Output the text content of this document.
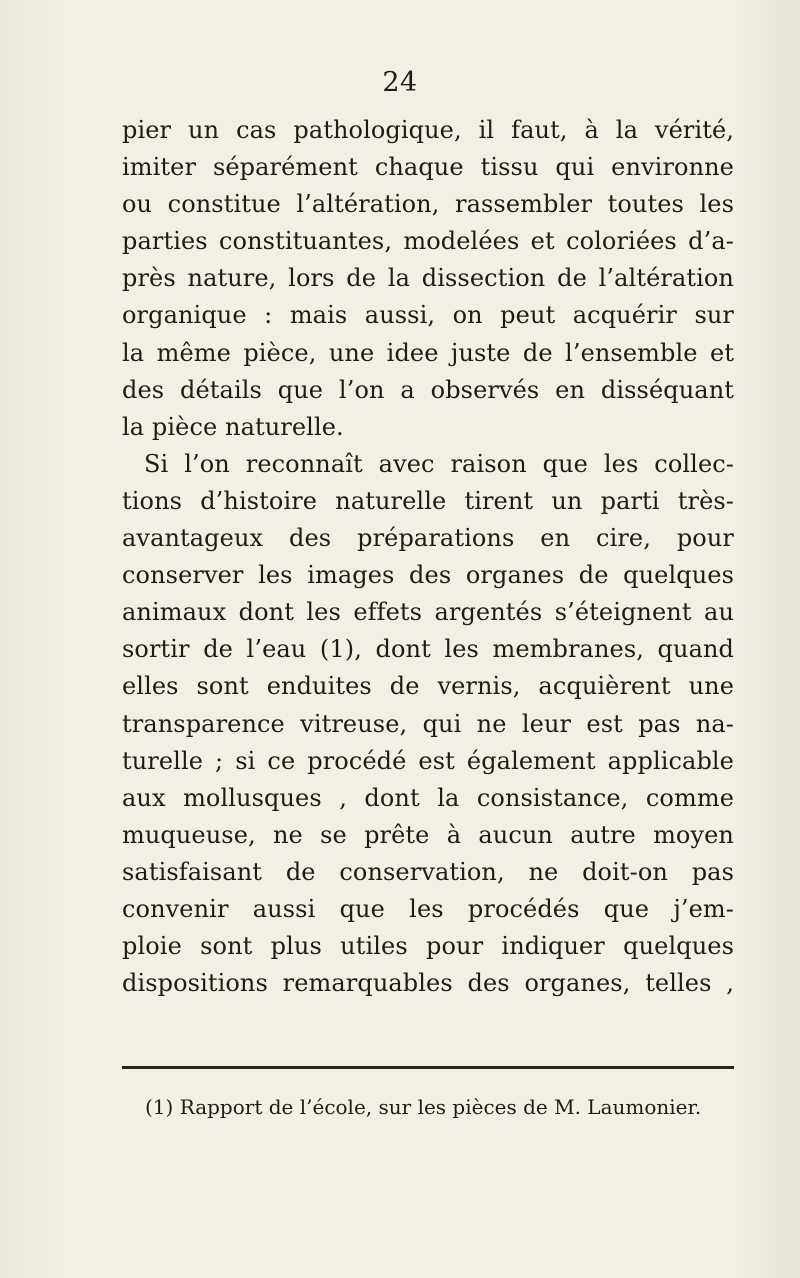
24
pier un cas pathologique, il faut, à la vérité,
imiter séparément chaque tissu qui environne
ou constitue l’altération, rassembler toutes les
parties constituantes, modelées et coloriées d’a-
près nature, lors de la dissection de l’altération
organique : mais aussi, on peut acquérir sur
la même pièce, une idee juste de l’ensemble et
des détails que l’on a observés en disséquant
la pièce naturelle.
Si l’on reconnaît avec raison que les collec-
tions d’histoire naturelle tirent un parti très-
avantageux des préparations en cire, pour
conserver les images des organes de quelques
animaux dont les effets argentés s’éteignent au
sortir de l’eau (1), dont les membranes, quand
elles sont enduites de vernis, acquièrent une
transparence vitreuse, qui ne leur est pas na-
turelle ; si ce procédé est également applicable
aux mollusques , dont la consistance, comme
muqueuse, ne se prête à aucun autre moyen
satisfaisant de conservation, ne doit-on pas
convenir aussi que les procédés que j’em-
ploie sont plus utiles pour indiquer quelques
dispositions remarquables des organes, telles ,
(1) Rapport de l’école, sur les pièces de M. Laumonier.
